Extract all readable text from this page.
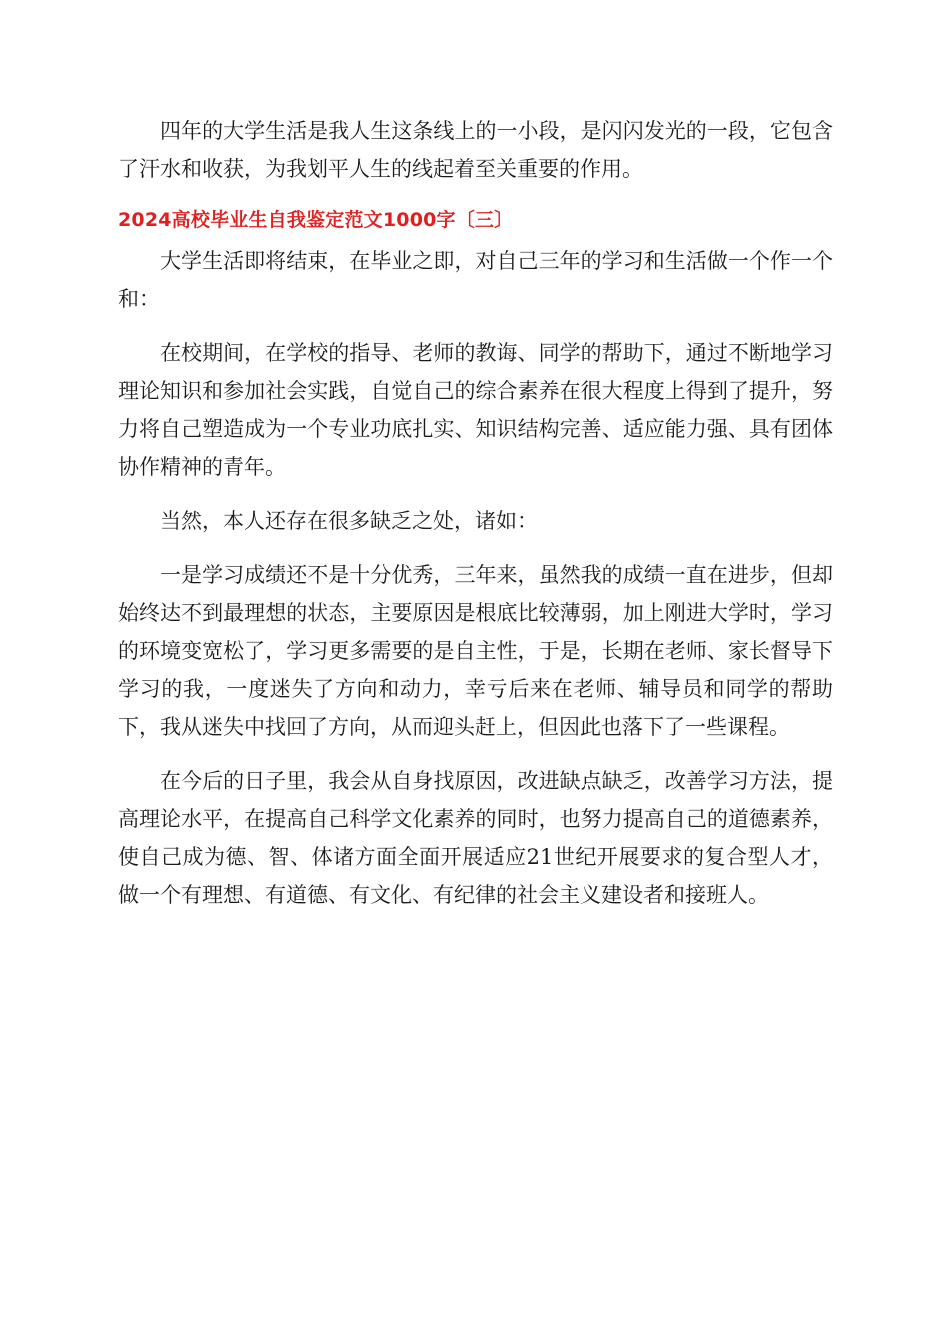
四年的大学生活是我人生这条线上的一小段，是闪闪发光的一段，它包含了汗水和收获，为我划平人生的线起着至关重要的作用。

2024高校毕业生自我鉴定范文1000字〔三〕

大学生活即将结束，在毕业之即，对自己三年的学习和生活做一个作一个和：

在校期间，在学校的指导、老师的教诲、同学的帮助下，通过不断地学习理论知识和参加社会实践，自觉自己的综合素养在很大程度上得到了提升，努力将自己塑造成为一个专业功底扎实、知识结构完善、适应能力强、具有团体协作精神的青年。

当然，本人还存在很多缺乏之处，诸如：

一是学习成绩还不是十分优秀，三年来，虽然我的成绩一直在进步，但却始终达不到最理想的状态，主要原因是根底比较薄弱，加上刚进大学时，学习的环境变宽松了，学习更多需要的是自主性，于是，长期在老师、家长督导下学习的我，一度迷失了方向和动力，幸亏后来在老师、辅导员和同学的帮助下，我从迷失中找回了方向，从而迎头赶上，但因此也落下了一些课程。

在今后的日子里，我会从自身找原因，改进缺点缺乏，改善学习方法，提高理论水平，在提高自己科学文化素养的同时，也努力提高自己的道德素养，使自己成为德、智、体诸方面全面开展适应21世纪开展要求的复合型人才，做一个有理想、有道德、有文化、有纪律的社会主义建设者和接班人。
